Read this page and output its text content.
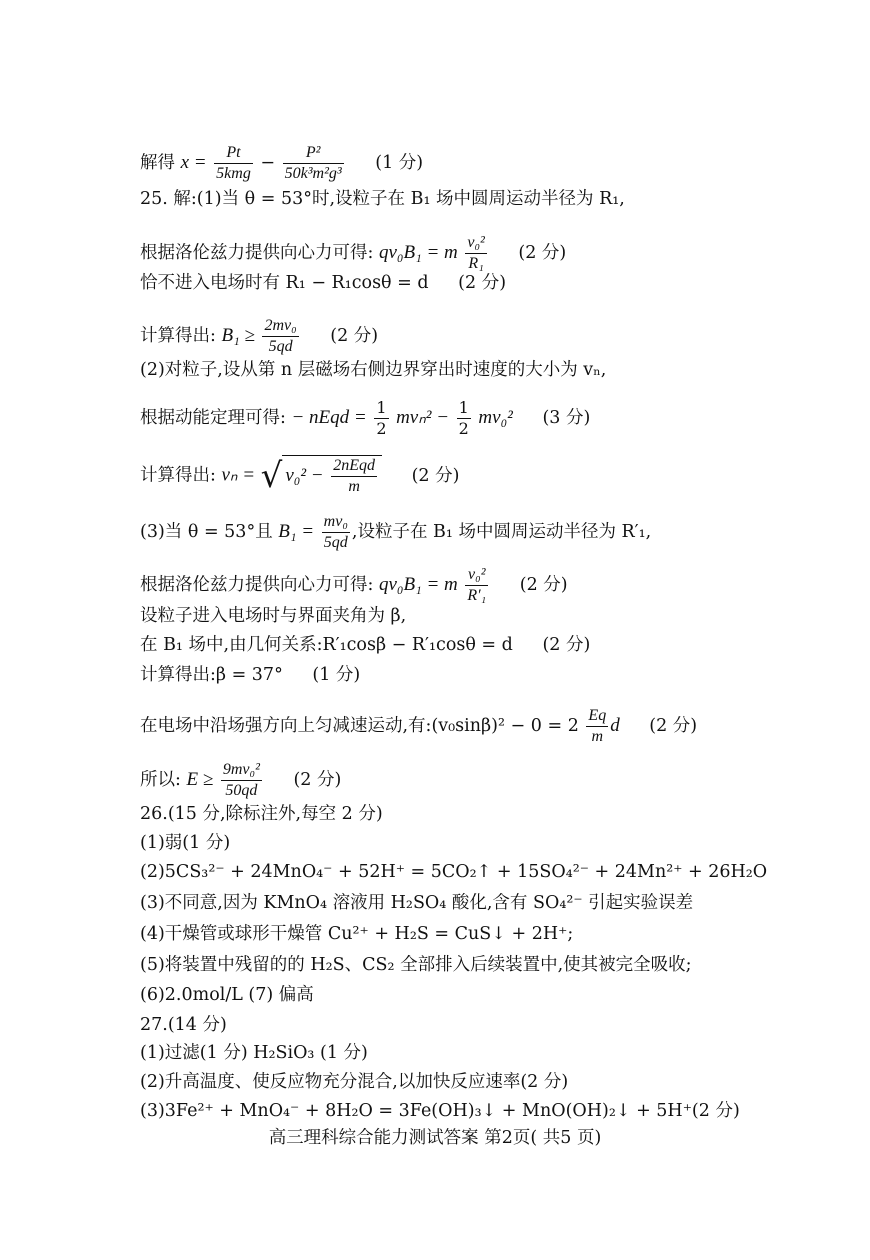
解得 $x = \frac{Pt}{\text{5kmg}} - \frac{\text{P²}}{\text{50k³m²g³}} (1$ 分)
25. 解:(1)当 θ = 53°时,设粒子在 B₁ 场中圆周运动半径为 R₁,
根据洛伦兹力提供向心力可得: qv₀B₁ = m $\frac{\text{v₀²}}{\text{R₁}} (2$ 分)
恰不进入电场时有 R₁ − R₁cosθ = d (2 分)
计算得出: $B_1 \ge \frac{\text{2mv₀}}{5qd} (2$ 分)
(2)对粒子,设从第 n 层磁场右侧边界穿出时速度的大小为 vₙ,
根据动能定理可得: − nEqd = $\frac{1}{2} mv_n^2 - \frac{1}{2} mv_0^2$ (3 分)
计算得出: vₙ = √ $v_0^2 - \frac{\text{2nEqd}}{m} (2$ 分)
(3)当 θ = 53°且 $B_1 = \frac{\text{mv₀}}{5qd}$ ,设粒子在 B₁ 场中圆周运动半径为 R′₁,
根据洛伦兹力提供向心力可得: qv₀B₁ = m $\frac{\text{v₀²}}{\text{R′₁}} (2$ 分)
设粒子进入电场时与界面夹角为 β,
在 B₁ 场中,由几何关系:R′₁cosβ − R′₁cosθ = d (2 分)
计算得出:β = 37° (1 分)
在电场中沿场强方向上匀减速运动,有:(v₀sinβ)² − $0 = 2 \frac{Eq}{m}$ d (2 分)
所以: $E \ge \frac{\text{9mv₀²}}{50qd} (2$ 分)
26.(15 分,除标注外,每空 2 分)
(1)弱(1 分)
(2)5CS₃²⁻ + 24MnO₄⁻ + 52H⁺ = 5CO₂↑ + 15SO₄²⁻ + 24Mn²⁺ + 26H₂O
(3)不同意,因为 KMnO₄ 溶液用 H₂SO₄ 酸化,含有 SO₄²⁻ 引起实验误差
(4)干燥管或球形干燥管 Cu²⁺ + H₂S = CuS↓ + 2H⁺;
(5)将装置中残留的的 H₂S、CS₂ 全部排入后续装置中,使其被完全吸收;
(6)2.0mol/L (7) 偏高
27.(14 分)
(1)过滤(1 分) H₂SiO₃ (1 分)
(2)升高温度、使反应物充分混合,以加快反应速率(2 分)
(3)3Fe²⁺ + MnO₄⁻ + 8H₂O = 3Fe(OH)₃↓ + MnO(OH)₂↓ + 5H⁺(2 分)
高三理科综合能力测试答案 第2页( 共5 页)
